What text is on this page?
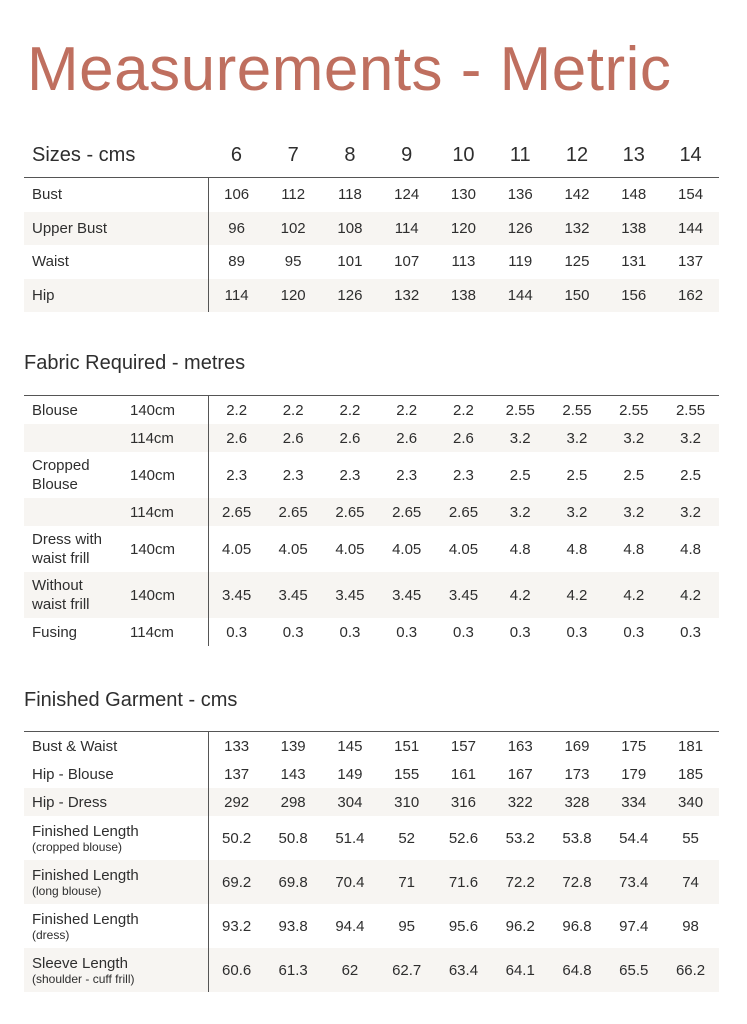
Measurements - Metric
Sizes - cms	6	7	8	9	10	11	12	13	14
Bust	106	112	118	124	130	136	142	148	154
Upper Bust	96	102	108	114	120	126	132	138	144
Waist	89	95	101	107	113	119	125	131	137
Hip	114	120	126	132	138	144	150	156	162
Fabric Required - metres
Blouse	140cm	2.2	2.2	2.2	2.2	2.2	2.55	2.55	2.55	2.55
	114cm	2.6	2.6	2.6	2.6	2.6	3.2	3.2	3.2	3.2
Cropped
Blouse	140cm	2.3	2.3	2.3	2.3	2.3	2.5	2.5	2.5	2.5
	114cm	2.65	2.65	2.65	2.65	2.65	3.2	3.2	3.2	3.2
Dress with
waist frill	140cm	4.05	4.05	4.05	4.05	4.05	4.8	4.8	4.8	4.8
Without
waist frill	140cm	3.45	3.45	3.45	3.45	3.45	4.2	4.2	4.2	4.2
Fusing	114cm	0.3	0.3	0.3	0.3	0.3	0.3	0.3	0.3	0.3
Finished Garment - cms
Bust & Waist	133	139	145	151	157	163	169	175	181
Hip - Blouse	137	143	149	155	161	167	173	179	185
Hip - Dress	292	298	304	310	316	322	328	334	340
Finished Length
(cropped blouse)	50.2	50.8	51.4	52	52.6	53.2	53.8	54.4	55
Finished Length
(long blouse)	69.2	69.8	70.4	71	71.6	72.2	72.8	73.4	74
Finished Length
(dress)	93.2	93.8	94.4	95	95.6	96.2	96.8	97.4	98
Sleeve Length
(shoulder - cuff frill)	60.6	61.3	62	62.7	63.4	64.1	64.8	65.5	66.2
